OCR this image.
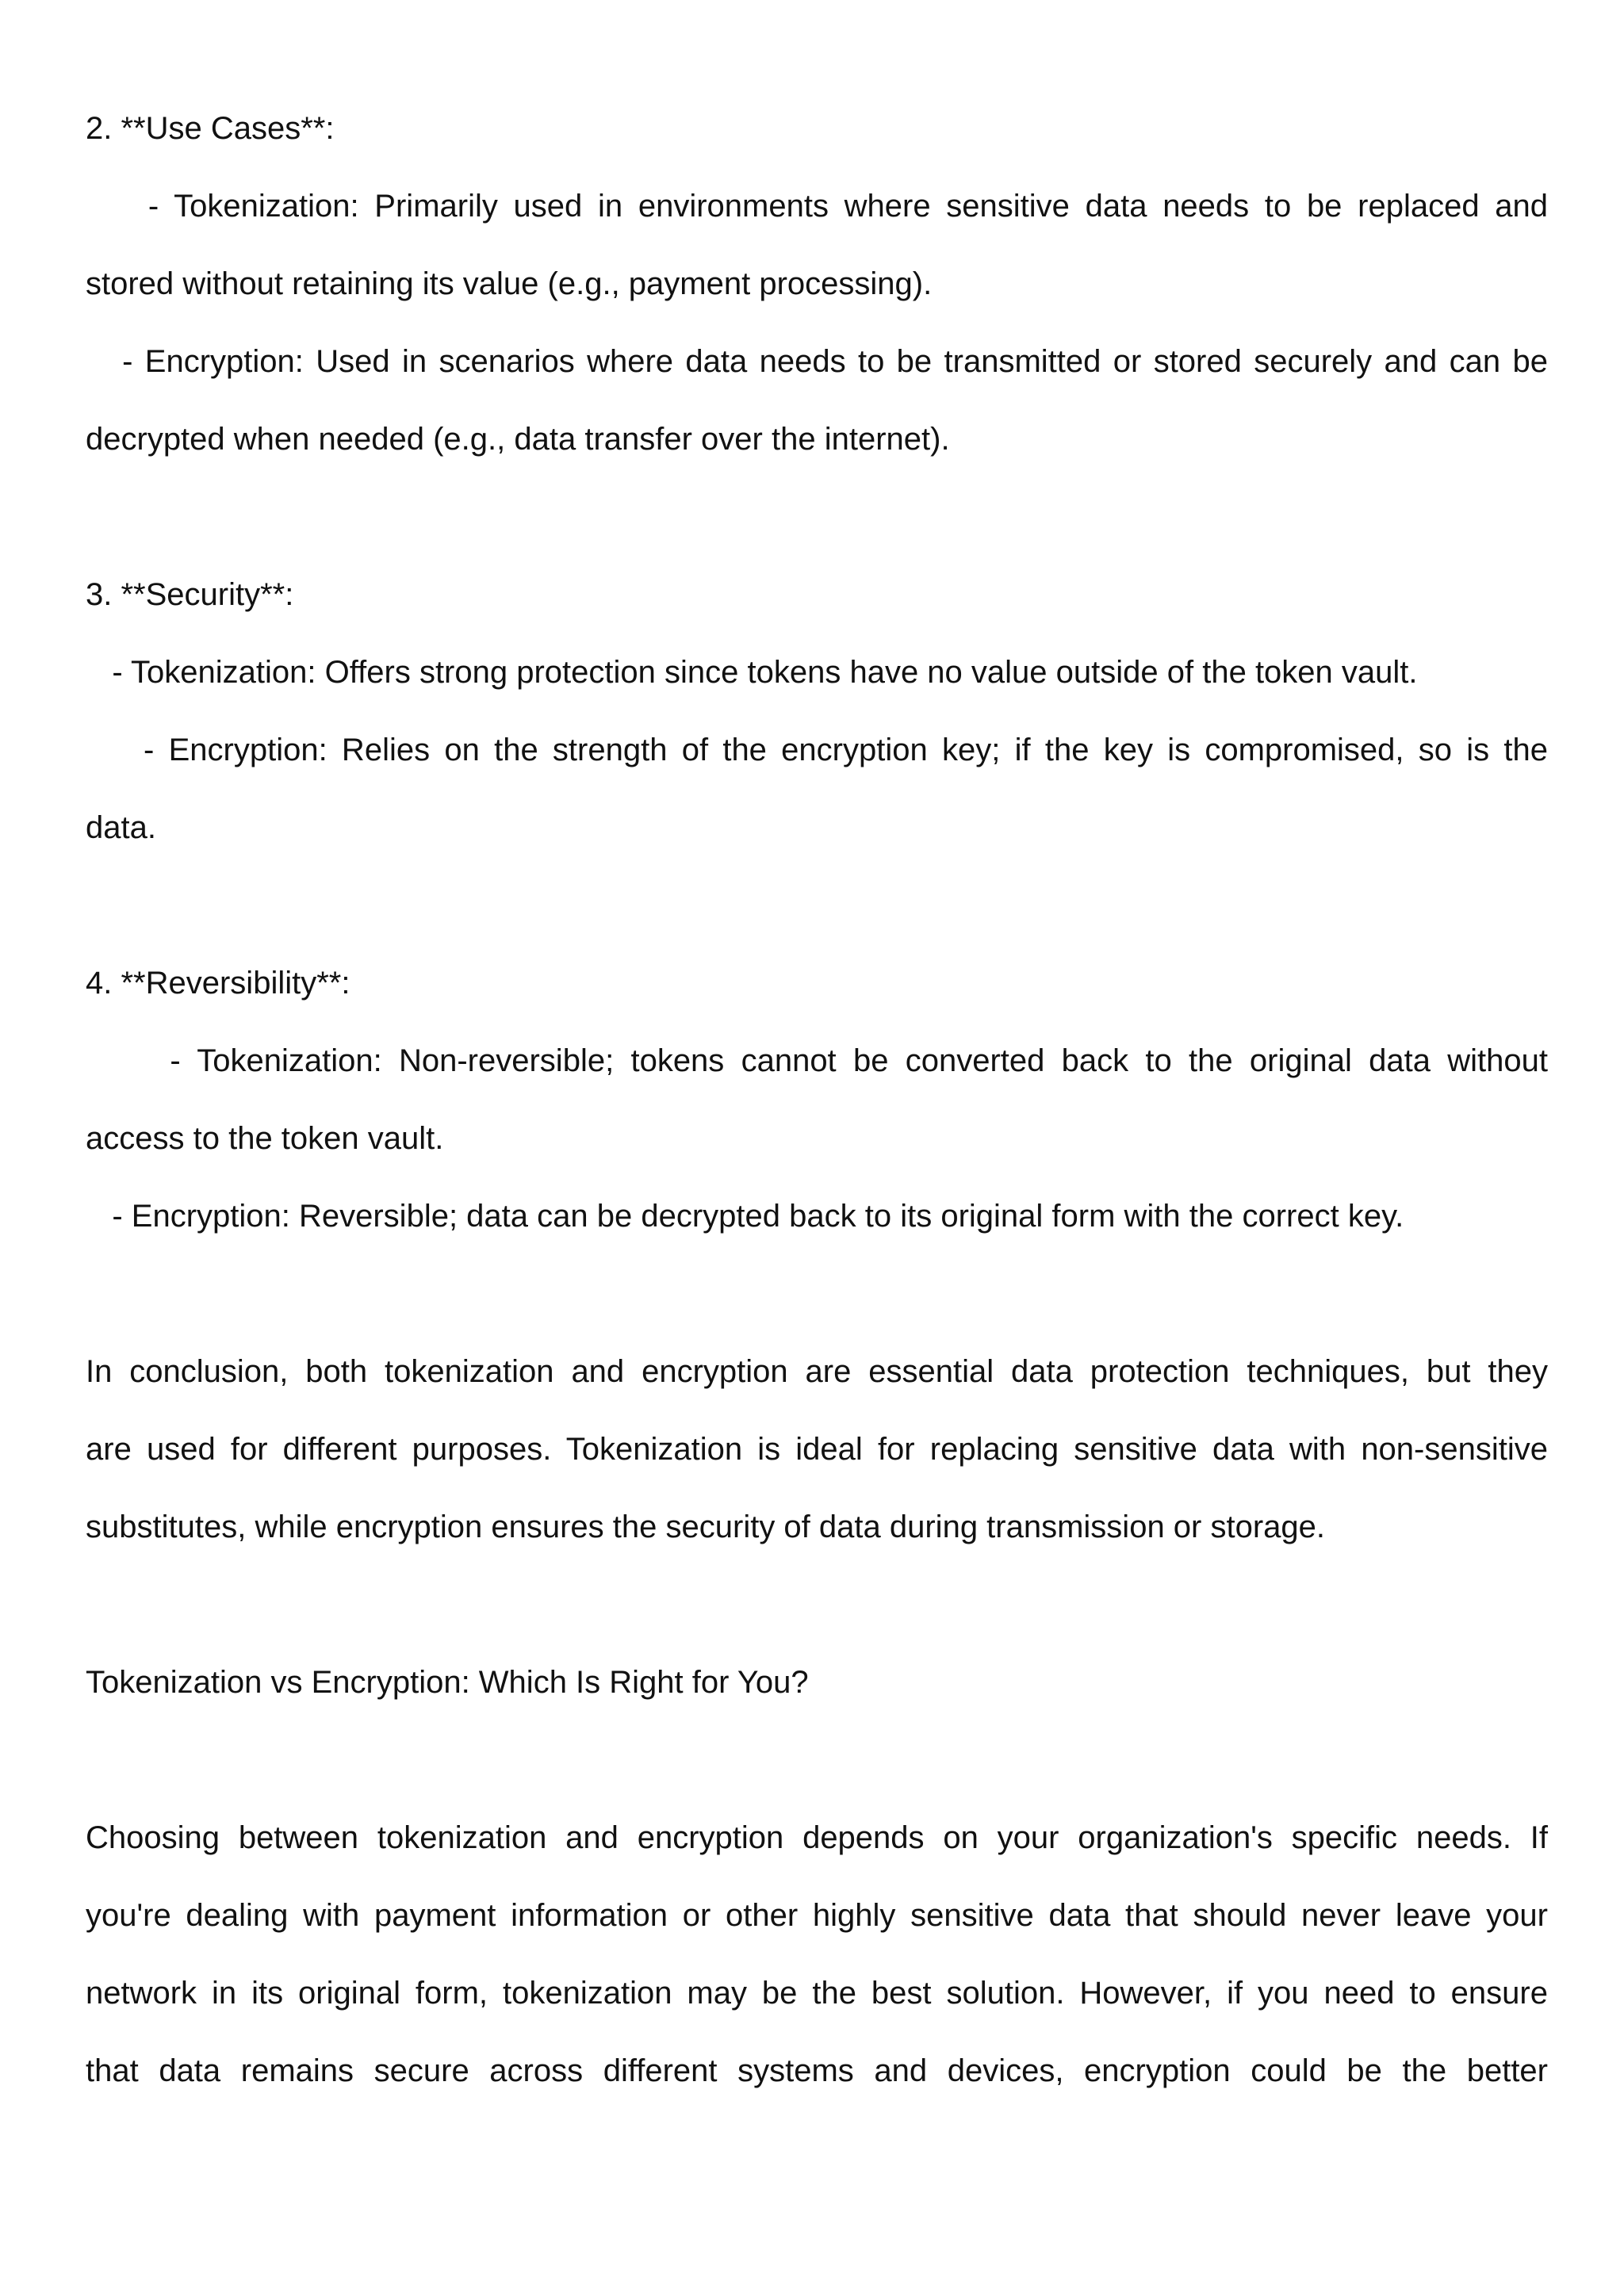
2. **Use Cases**:
- Tokenization: Primarily used in environments where sensitive data needs to be replaced and
stored without retaining its value (e.g., payment processing).
- Encryption: Used in scenarios where data needs to be transmitted or stored securely and can be
decrypted when needed (e.g., data transfer over the internet).
3. **Security**:
- Tokenization: Offers strong protection since tokens have no value outside of the token vault.
- Encryption: Relies on the strength of the encryption key; if the key is compromised, so is the
data.
4. **Reversibility**:
- Tokenization: Non-reversible; tokens cannot be converted back to the original data without
access to the token vault.
- Encryption: Reversible; data can be decrypted back to its original form with the correct key.
In conclusion, both tokenization and encryption are essential data protection techniques, but they
are used for different purposes. Tokenization is ideal for replacing sensitive data with non-sensitive
substitutes, while encryption ensures the security of data during transmission or storage.
Tokenization vs Encryption: Which Is Right for You?
Choosing between tokenization and encryption depends on your organization's specific needs. If
you're dealing with payment information or other highly sensitive data that should never leave your
network in its original form, tokenization may be the best solution. However, if you need to ensure
that data remains secure across different systems and devices, encryption could be the better
